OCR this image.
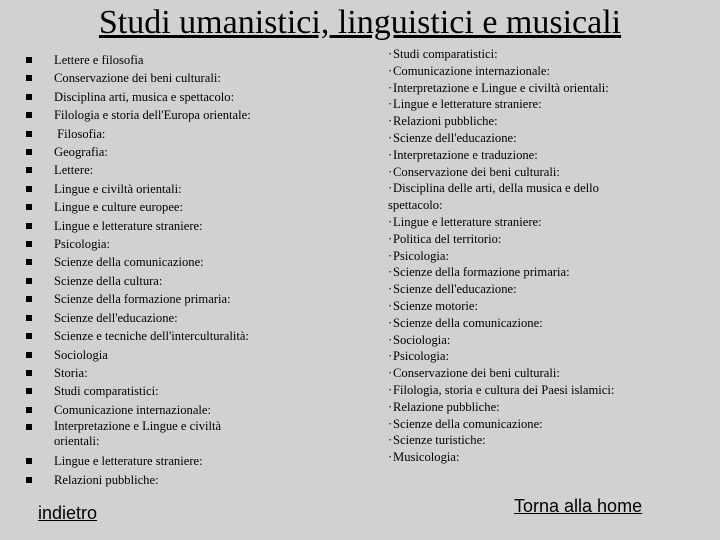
Studi umanistici, linguistici e musicali
Lettere e filosofia
Conservazione dei beni culturali:
Disciplina arti, musica e spettacolo:
Filologia e storia dell'Europa orientale:
Filosofia:
Geografia:
Lettere:
Lingue e civiltà orientali:
Lingue e culture europee:
Lingue e letterature straniere:
Psicologia:
Scienze della comunicazione:
Scienze della cultura:
Scienze della formazione primaria:
Scienze dell'educazione:
Scienze e tecniche dell'interculturalità:
Sociologia
Storia:
Studi comparatistici:
Comunicazione internazionale:
Interpretazione e Lingue e civiltà orientali:
Lingue e letterature straniere:
Relazioni pubbliche:
·Studi comparatistici:
·Comunicazione internazionale:
·Interpretazione e Lingue e civiltà orientali:
·Lingue e letterature straniere:
·Relazioni pubbliche:
·Scienze dell'educazione:
·Interpretazione e traduzione:
·Conservazione dei beni culturali:
·Disciplina delle arti, della musica e dello spettacolo:
·Lingue e letterature straniere:
·Politica del territorio:
·Psicologia:
·Scienze della formazione primaria:
·Scienze dell'educazione:
·Scienze motorie:
·Scienze della comunicazione:
·Sociologia:
·Psicologia:
·Conservazione dei beni culturali:
·Filologia, storia e cultura dei Paesi islamici:
·Relazione pubbliche:
·Scienze della comunicazione:
·Scienze turistiche:
·Musicologia:
indietro	Torna alla home
